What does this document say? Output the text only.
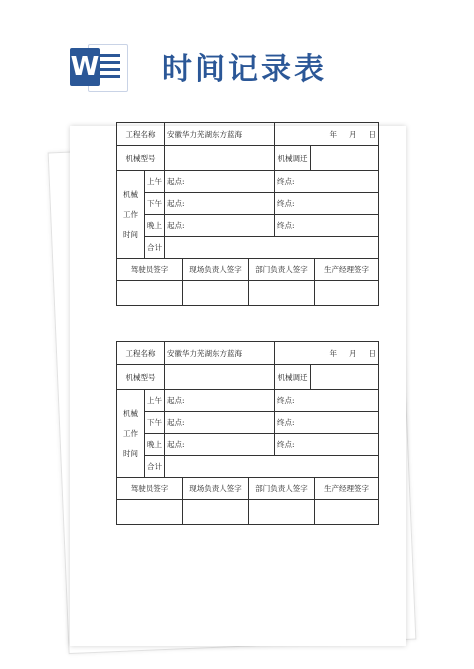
W 时间记录表
工程名称		安徽华力芜湖东方蓝海	年 月 日	
机械型号			机械调迁	
机械
工作
时间	上午	起点:	终点:	
	下午	起点:	终点:	
	晚上	起点:	终点:	
	合计			
驾驶员签字	现场负责人签字	部门负责人签字	生产经理签字

工程名称		安徽华力芜湖东方蓝海	年 月 日	
机械型号			机械调迁	
机械
工作
时间	上午	起点:	终点:	
	下午	起点:	终点:	
	晚上	起点:	终点:	
	合计			
驾驶员签字	现场负责人签字	部门负责人签字	生产经理签字
